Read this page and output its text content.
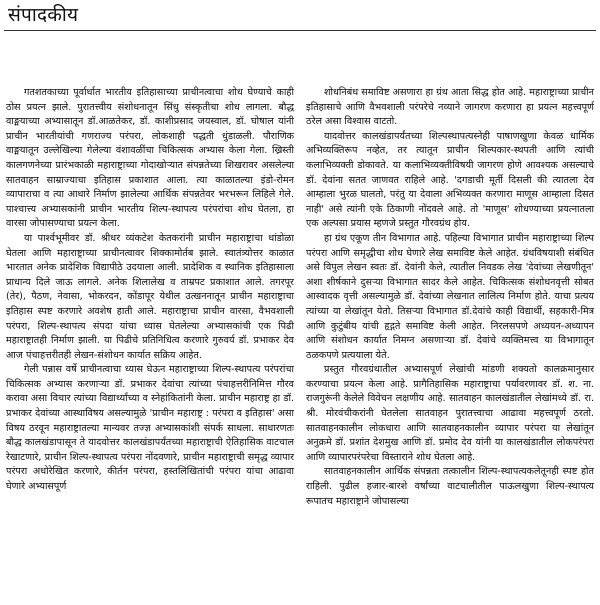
संपादकीय

गतशतकाच्या पूर्वार्धात भारतीय इतिहासाच्या प्राचीनत्वाचा शोध घेण्याचे काही ठोस प्रयत्न झाले. पुरातत्त्वीय संशोधनातून सिंधु संस्कृतीचा शोध लागला. बौद्ध वाङ्मयाच्या अभ्यासातून डॉ.आळतेकर, डॉ. काशीप्रसाद जयस्वाल, डॉ. घोषाल यांनी प्राचीन भारतीयांची गणराज्य परंपरा, लोकशाही पद्धती धुंडाळली. पौराणिक वाङ्मयातून उल्लेखिल्या गेलेल्या वंशावळींचा चिकित्सक अभ्यास केला गेला. ख्रिस्ती कालगणनेच्या प्रारंभकाळी महाराष्ट्राच्या गोदाखोऱ्यात संपन्नतेच्या शिखरावर असलेल्या सातवाहन साम्राज्याचा इतिहास प्रकाशात आला. त्या काळातल्या इंडो-रोमन व्यापाराचा व त्या आधारे निर्माण झालेल्या आर्थिक संपन्नतेवर भरभरून लिहिले गेले. पाश्चात्त्य अभ्यासकांनी प्राचीन भारतीय शिल्प-स्थापत्य परंपरांचा शोध घेतला, हा वारसा जोपासण्याचा प्रयत्न केला.

या पार्श्वभूमीवर डॉ. श्रीधर व्यंकटेश केतकरांनी प्राचीन महाराष्ट्राचा धांडोळा घेतला आणि महाराष्ट्राच्या प्राचीनत्वावर शिक्कामोर्तब झाले. स्वातंत्र्योत्तर काळात भारतात अनेक प्रादेशिक विद्यापीठे उदयाला आली. प्रादेशिक व स्थानिक इतिहासाला प्राधान्य दिले जाऊ लागले. अनेक शिलालेख व ताम्रपट प्रकाशात आले. तगरपूर (तेर), पैठण, नेवासा, भोकरदन, कोंडापूर येथील उत्खननातून प्राचीन महाराष्ट्राचा इतिहास स्पष्ट करणारे अवशेष हाती आले. महाराष्ट्राचा प्राचीन वारसा, वैभवशाली परंपरा, शिल्प-स्थापत्य संपदा यांचा ध्यास घेतलेल्या अभ्यासकांची एक पिढी महाराष्ट्रातही निर्माण झाली. या पिढीचे प्रतिनिधित्व करणारे गुरुवर्य डॉ. प्रभाकर देव आज पंचाहत्तरीतही लेखन-संशोधन कार्यात सक्रिय आहेत.

गेली पन्नास वर्षे प्राचीनत्वाचा ध्यास घेऊन महाराष्ट्राच्या शिल्प-स्थापत्य परंपरांचा चिकित्सक अभ्यास करणाऱ्या डॉ. प्रभाकर देवांचा त्यांच्या पंचाहत्तरीनिमित्त गौरव करावा असा विचार त्यांच्या विद्यार्थ्यांच्या व स्नेहांकितांनी केला. प्राचीन महाराष्ट्र हा डॉ. प्रभाकर देवांच्या आस्थाविषय असल्यामुळे 'प्राचीन महाराष्ट्र : परंपरा व इतिहास' असा विषय ठरवून महाराष्ट्रातल्या मान्यवर तज्ज्ञ अभ्यासकांशी संपर्क साधला. साधारणतः बौद्ध कालखंडापासून ते यादवोत्तर कालखंडापर्यंतच्या महाराष्ट्राची ऐतिहासिक वाटचाल रेखाटणारे, प्राचीन शिल्प-स्थापत्य परंपरा नोंदवणारे, प्राचीन महाराष्ट्राची समृद्ध व्यापार परंपरा अधोरेखित करणारे, कीर्तन परंपरा, हस्तलिखितांची परंपरा यांचा आढावा घेणारे अभ्यासपूर्ण

शोधनिबंध समाविष्ट असणारा हा ग्रंथ आता सिद्ध होत आहे. महाराष्ट्राच्या प्राचीन इतिहासाचे आणि वैभवशाली परंपरेचे नव्याने जागरण करणारा हा प्रयत्न महत्त्वपूर्ण ठरेल असा विश्वास वाटतो.

यादवोत्तर कालखंडापर्यंतच्या शिल्पस्थापत्यस्नेही पाषाणखुणा केवळ धार्मिक अभिव्यक्तिरूप नव्हेत, तर त्यातून प्राचीन शिल्पकार-स्थपती आणि त्यांची कलाभिव्यक्ती डोकावते. या कलाभिव्यक्तीविषयी जागरण होणे आवश्यक असल्याचे डॉ. देवांना सतत जाणवत राहिले आहे. 'दगडाची मूर्ती दिसली की त्यातला देव आम्हाला भुरळ घालतो, परंतु या देवाला अभिव्यक्त करणारा माणूस आम्हाला दिसत नाही' असे त्यांनी एके ठिकाणी नोंदवले आहे. तो 'माणूस' शोधण्याच्या प्रयत्नातला एक अल्पसा प्रयास म्हणजे प्रस्तुत गौरवग्रंथ होय.

हा ग्रंथ एकूण तीन विभागात आहे. पहिल्या विभागात प्राचीन महाराष्ट्राच्या शिल्प परंपरा आणि समृद्धीचा शोध घेणारे लेख समाविष्ट केले आहेत. ग्रंथविषयाशी संबंधित असे विपुल लेखन स्वतः डॉ. देवांनी केले, त्यातील निवडक लेख 'देवांच्या लेखणीतून' अशा शीर्षकाने दुसऱ्या विभागात सादर केले आहेत. चिकित्सक संशोधनवृत्ती सोबत आस्वादक वृत्ती असल्यामुळे डॉ. देवांच्या लेखनात लालित्य निर्माण होते. याचा प्रत्यय त्यांच्या या लेखांतून येतो. तिसऱ्या विभागात डॉ.देवांचे काही विद्यार्थी, सहकारी-मित्र आणि कुटुंबीय यांची हृद्गते समाविष्ट केली आहेत. निरलसपणे अध्ययन-अध्यापन आणि संशोधन कार्यात निमग्न असणाऱ्या डॉ. देवांचे व्यक्तिमत्त्व या विभागातून ठळकपणे प्रत्ययाला येते.

प्रस्तुत गौरवग्रंथातील अभ्यासपूर्ण लेखांची मांडणी शक्यतो कालक्रमानुसार करण्याचा प्रयत्न केला आहे. प्रागैतिहासिक महाराष्ट्राचा पर्यावरणावर डॉ. श. ना. राजगुरूंनी केलेले विवेचन लक्षणीय आहे. सातवाहन कालखंडातील लेखांमध्ये डॉ. रा. श्री. मोरवंचीकरांनी घेतलेला सातवाहन पुरातत्त्वाचा आढावा महत्त्वपूर्ण ठरतो. सातवाहनकालीन लोकधारा आणि सातवाहनकालीन व्यापार परंपरा या लेखांतून अनुक्रमे डॉ. प्रशांत देशमुख आणि डॉ. प्रमोद देव यांनी या कालखंडातील लोकपरंपरा आणि व्यापारपरंपरेचा विस्ताराने शोध घेतला आहे.

सातवाहनकालीन आर्थिक संपन्नता तत्कालीन शिल्प-स्थापत्यकलेतूनही स्पष्ट होत राहिली. पुढील हजार-बारशे वर्षांच्या वाटचालीतील पाऊलखुणा शिल्प-स्थापत्य रूपातच महाराष्ट्राने जोपासल्या
